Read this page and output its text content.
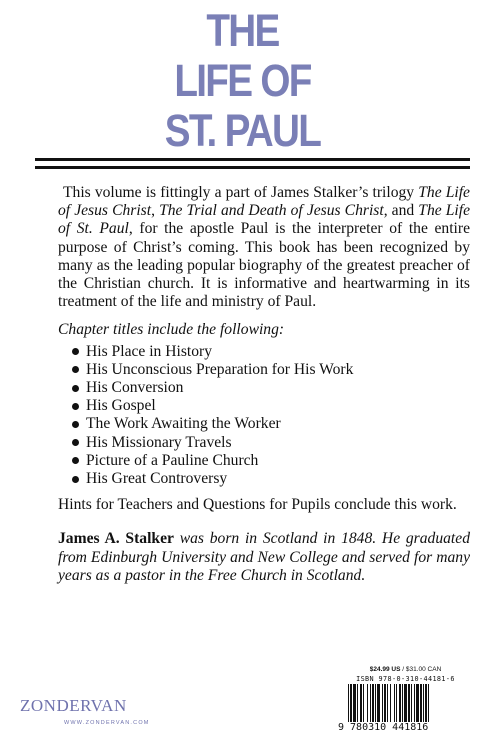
THE
LIFE OF
ST. PAUL

This volume is fittingly a part of James Stalker’s trilogy The Life of Jesus Christ, The Trial and Death of Jesus Christ, and The Life of St. Paul, for the apostle Paul is the interpreter of the entire purpose of Christ’s coming. This book has been recognized by many as the leading popular biography of the greatest preacher of the Christian church. It is informative and heartwarming in its treatment of the life and ministry of Paul.

Chapter titles include the following:

His Place in History
His Unconscious Preparation for His Work
His Conversion
His Gospel
The Work Awaiting the Worker
His Missionary Travels
Picture of a Pauline Church
His Great Controversy

Hints for Teachers and Questions for Pupils conclude this work.

James A. Stalker was born in Scotland in 1848. He graduated from Edinburgh University and New College and served for many years as a pastor in the Free Church in Scotland.

$24.99 US / $31.00 CAN
ISBN 978-0-310-44181-6
9 780310 441816
ZONDERVAN
WWW.ZONDERVAN.COM
